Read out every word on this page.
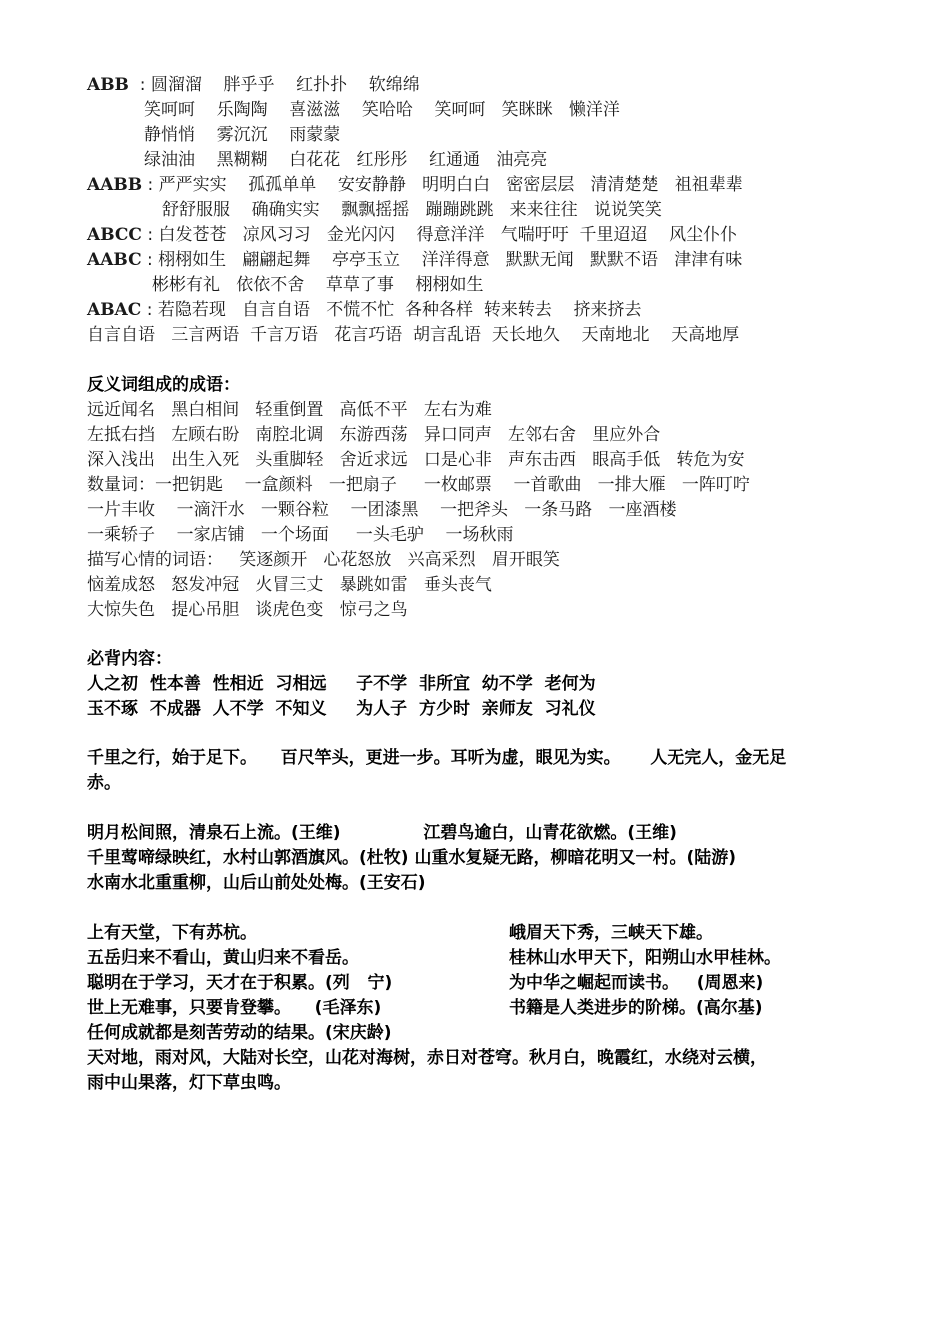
ABB : 圆溜溜    胖乎乎    红扑扑    软绵绵
笑呵呵    乐陶陶    喜滋滋    笑哈哈    笑呵呵   笑眯眯   懒洋洋
静悄悄    雾沉沉    雨蒙蒙
绿油油    黑糊糊    白花花   红彤彤    红通通   油亮亮
AABB : 严严实实    孤孤单单    安安静静   明明白白   密密层层   清清楚楚   祖祖辈辈
舒舒服服    确确实实    飘飘摇摇   蹦蹦跳跳   来来往往   说说笑笑
ABCC : 白发苍苍   凉风习习   金光闪闪    得意洋洋   气喘吁吁  千里迢迢    风尘仆仆
AABC : 栩栩如生   翩翩起舞    亭亭玉立    洋洋得意   默默无闻   默默不语   津津有味
彬彬有礼   依依不舍    草草了事    栩栩如生
ABAC : 若隐若现   自言自语   不慌不忙  各种各样  转来转去    挤来挤去
自言自语   三言两语  千言万语   花言巧语  胡言乱语  天长地久    天南地北    天高地厚
反义词组成的成语：
远近闻名   黑白相间   轻重倒置   高低不平   左右为难
左抵右挡   左顾右盼   南腔北调   东游西荡   异口同声   左邻右舍   里应外合
深入浅出   出生入死   头重脚轻   舍近求远   口是心非   声东击西   眼高手低   转危为安
数量词：一把钥匙    一盒颜料   一把扇子     一枚邮票    一首歌曲   一排大雁   一阵叮咛
一片丰收    一滴汗水   一颗谷粒    一团漆黑    一把斧头   一条马路   一座酒楼
一乘轿子    一家店铺   一个场面     一头毛驴    一场秋雨
描写心情的词语：   笑逐颜开   心花怒放   兴高采烈   眉开眼笑
恼羞成怒   怒发冲冠   火冒三丈   暴跳如雷   垂头丧气
大惊失色   提心吊胆   谈虎色变   惊弓之鸟
必背内容：
人之初  性本善  性相近  习相远     子不学  非所宜  幼不学  老何为
玉不琢  不成器  人不学  不知义     为人子  方少时  亲师友  习礼仪
千里之行，始于足下。    百尺竿头，更进一步。耳听为虚，眼见为实。     人无完人，金无足
赤。
明月松间照，清泉石上流。(王维)              江碧鸟逾白，山青花欲燃。(王维)
千里莺啼绿映红，水村山郭酒旗风。(杜牧) 山重水复疑无路，柳暗花明又一村。(陆游)
水南水北重重柳，山后山前处处梅。(王安石)
上有天堂，下有苏杭。
五岳归来不看山，黄山归来不看岳。
聪明在于学习，天才在于积累。(列   宁)
世上无难事，只要肯登攀。    (毛泽东)
任何成就都是刻苦劳动的结果。(宋庆龄)
峨眉天下秀，三峡天下雄。
桂林山水甲天下，阳朔山水甲桂林。
为中华之崛起而读书。   (周恩来)
书籍是人类进步的阶梯。(高尔基)
天对地，雨对风，大陆对长空，山花对海树，赤日对苍穹。秋月白，晚霞红，水绕对云横，
雨中山果落，灯下草虫鸣。
